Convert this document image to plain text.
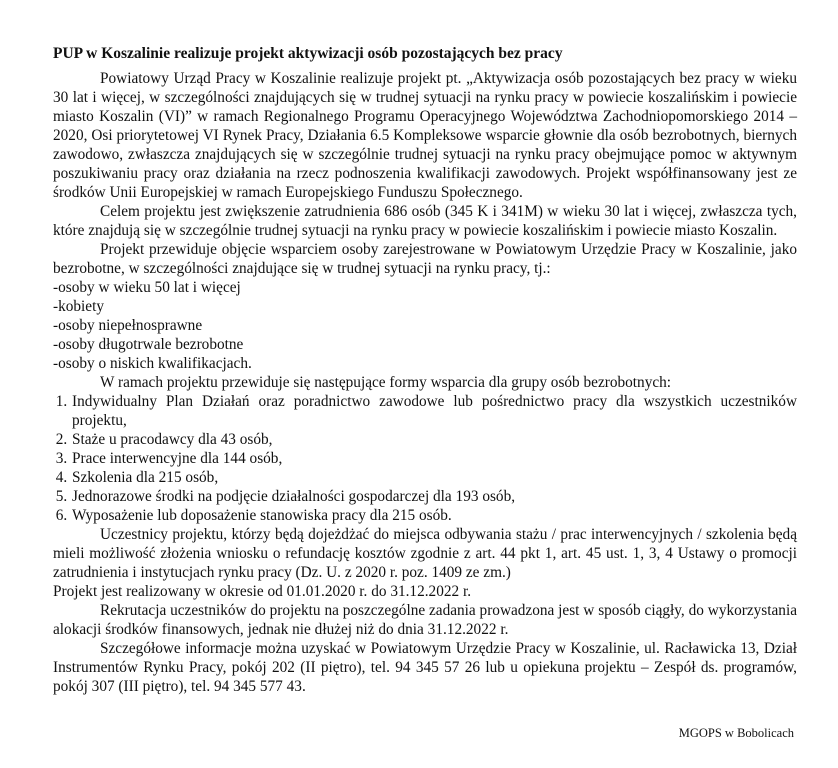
PUP w Koszalinie realizuje projekt aktywizacji osób pozostających bez pracy

Powiatowy Urząd Pracy w Koszalinie realizuje projekt pt. „Aktywizacja osób pozostających bez pracy w wieku 30 lat i więcej, w szczególności znajdujących się w trudnej sytuacji na rynku pracy w powiecie koszalińskim i powiecie miasto Koszalin (VI)” w ramach Regionalnego Programu Operacyjnego Województwa Zachodniopomorskiego 2014 – 2020, Osi priorytetowej VI Rynek Pracy, Działania 6.5 Kompleksowe wsparcie głownie dla osób bezrobotnych, biernych zawodowo, zwłaszcza znajdujących się w szczególnie trudnej sytuacji na rynku pracy obejmujące pomoc w aktywnym poszukiwaniu pracy oraz działania na rzecz podnoszenia kwalifikacji zawodowych. Projekt współfinansowany jest ze środków Unii Europejskiej w ramach Europejskiego Funduszu Społecznego.

Celem projektu jest zwiększenie zatrudnienia 686 osób (345 K i 341M) w wieku 30 lat i więcej, zwłaszcza tych, które znajdują się w szczególnie trudnej sytuacji na rynku pracy w powiecie koszalińskim i powiecie miasto Koszalin.

Projekt przewiduje objęcie wsparciem osoby zarejestrowane w Powiatowym Urzędzie Pracy w Koszalinie, jako bezrobotne, w szczególności znajdujące się w trudnej sytuacji na rynku pracy, tj.:

-osoby w wieku 50 lat i więcej

-kobiety

-osoby niepełnosprawne

-osoby długotrwale bezrobotne

-osoby o niskich kwalifikacjach.

W ramach projektu przewiduje się następujące formy wsparcia dla grupy osób bezrobotnych:

1. Indywidualny Plan Działań oraz poradnictwo zawodowe lub pośrednictwo pracy dla wszystkich uczestników projektu,
2. Staże u pracodawcy dla 43 osób,
3. Prace interwencyjne dla 144 osób,
4. Szkolenia dla 215 osób,
5. Jednorazowe środki na podjęcie działalności gospodarczej dla 193 osób,
6. Wyposażenie lub doposażenie stanowiska pracy dla 215 osób.

Uczestnicy projektu, którzy będą dojeżdżać do miejsca odbywania stażu / prac interwencyjnych / szkolenia będą mieli możliwość złożenia wniosku o refundację kosztów zgodnie z art. 44 pkt 1, art. 45 ust. 1, 3, 4 Ustawy o promocji zatrudnienia i instytucjach rynku pracy (Dz. U. z 2020 r. poz. 1409 ze zm.)

Projekt jest realizowany w okresie od 01.01.2020 r. do 31.12.2022 r.

Rekrutacja uczestników do projektu na poszczególne zadania prowadzona jest w sposób ciągły, do wykorzystania alokacji środków finansowych, jednak nie dłużej niż do dnia 31.12.2022 r.

Szczegółowe informacje można uzyskać w Powiatowym Urzędzie Pracy w Koszalinie, ul. Racławicka 13, Dział Instrumentów Rynku Pracy, pokój 202 (II piętro), tel. 94 345 57 26 lub u opiekuna projektu – Zespół ds. programów, pokój 307 (III piętro), tel. 94 345 577 43.

MGOPS w Bobolicach
